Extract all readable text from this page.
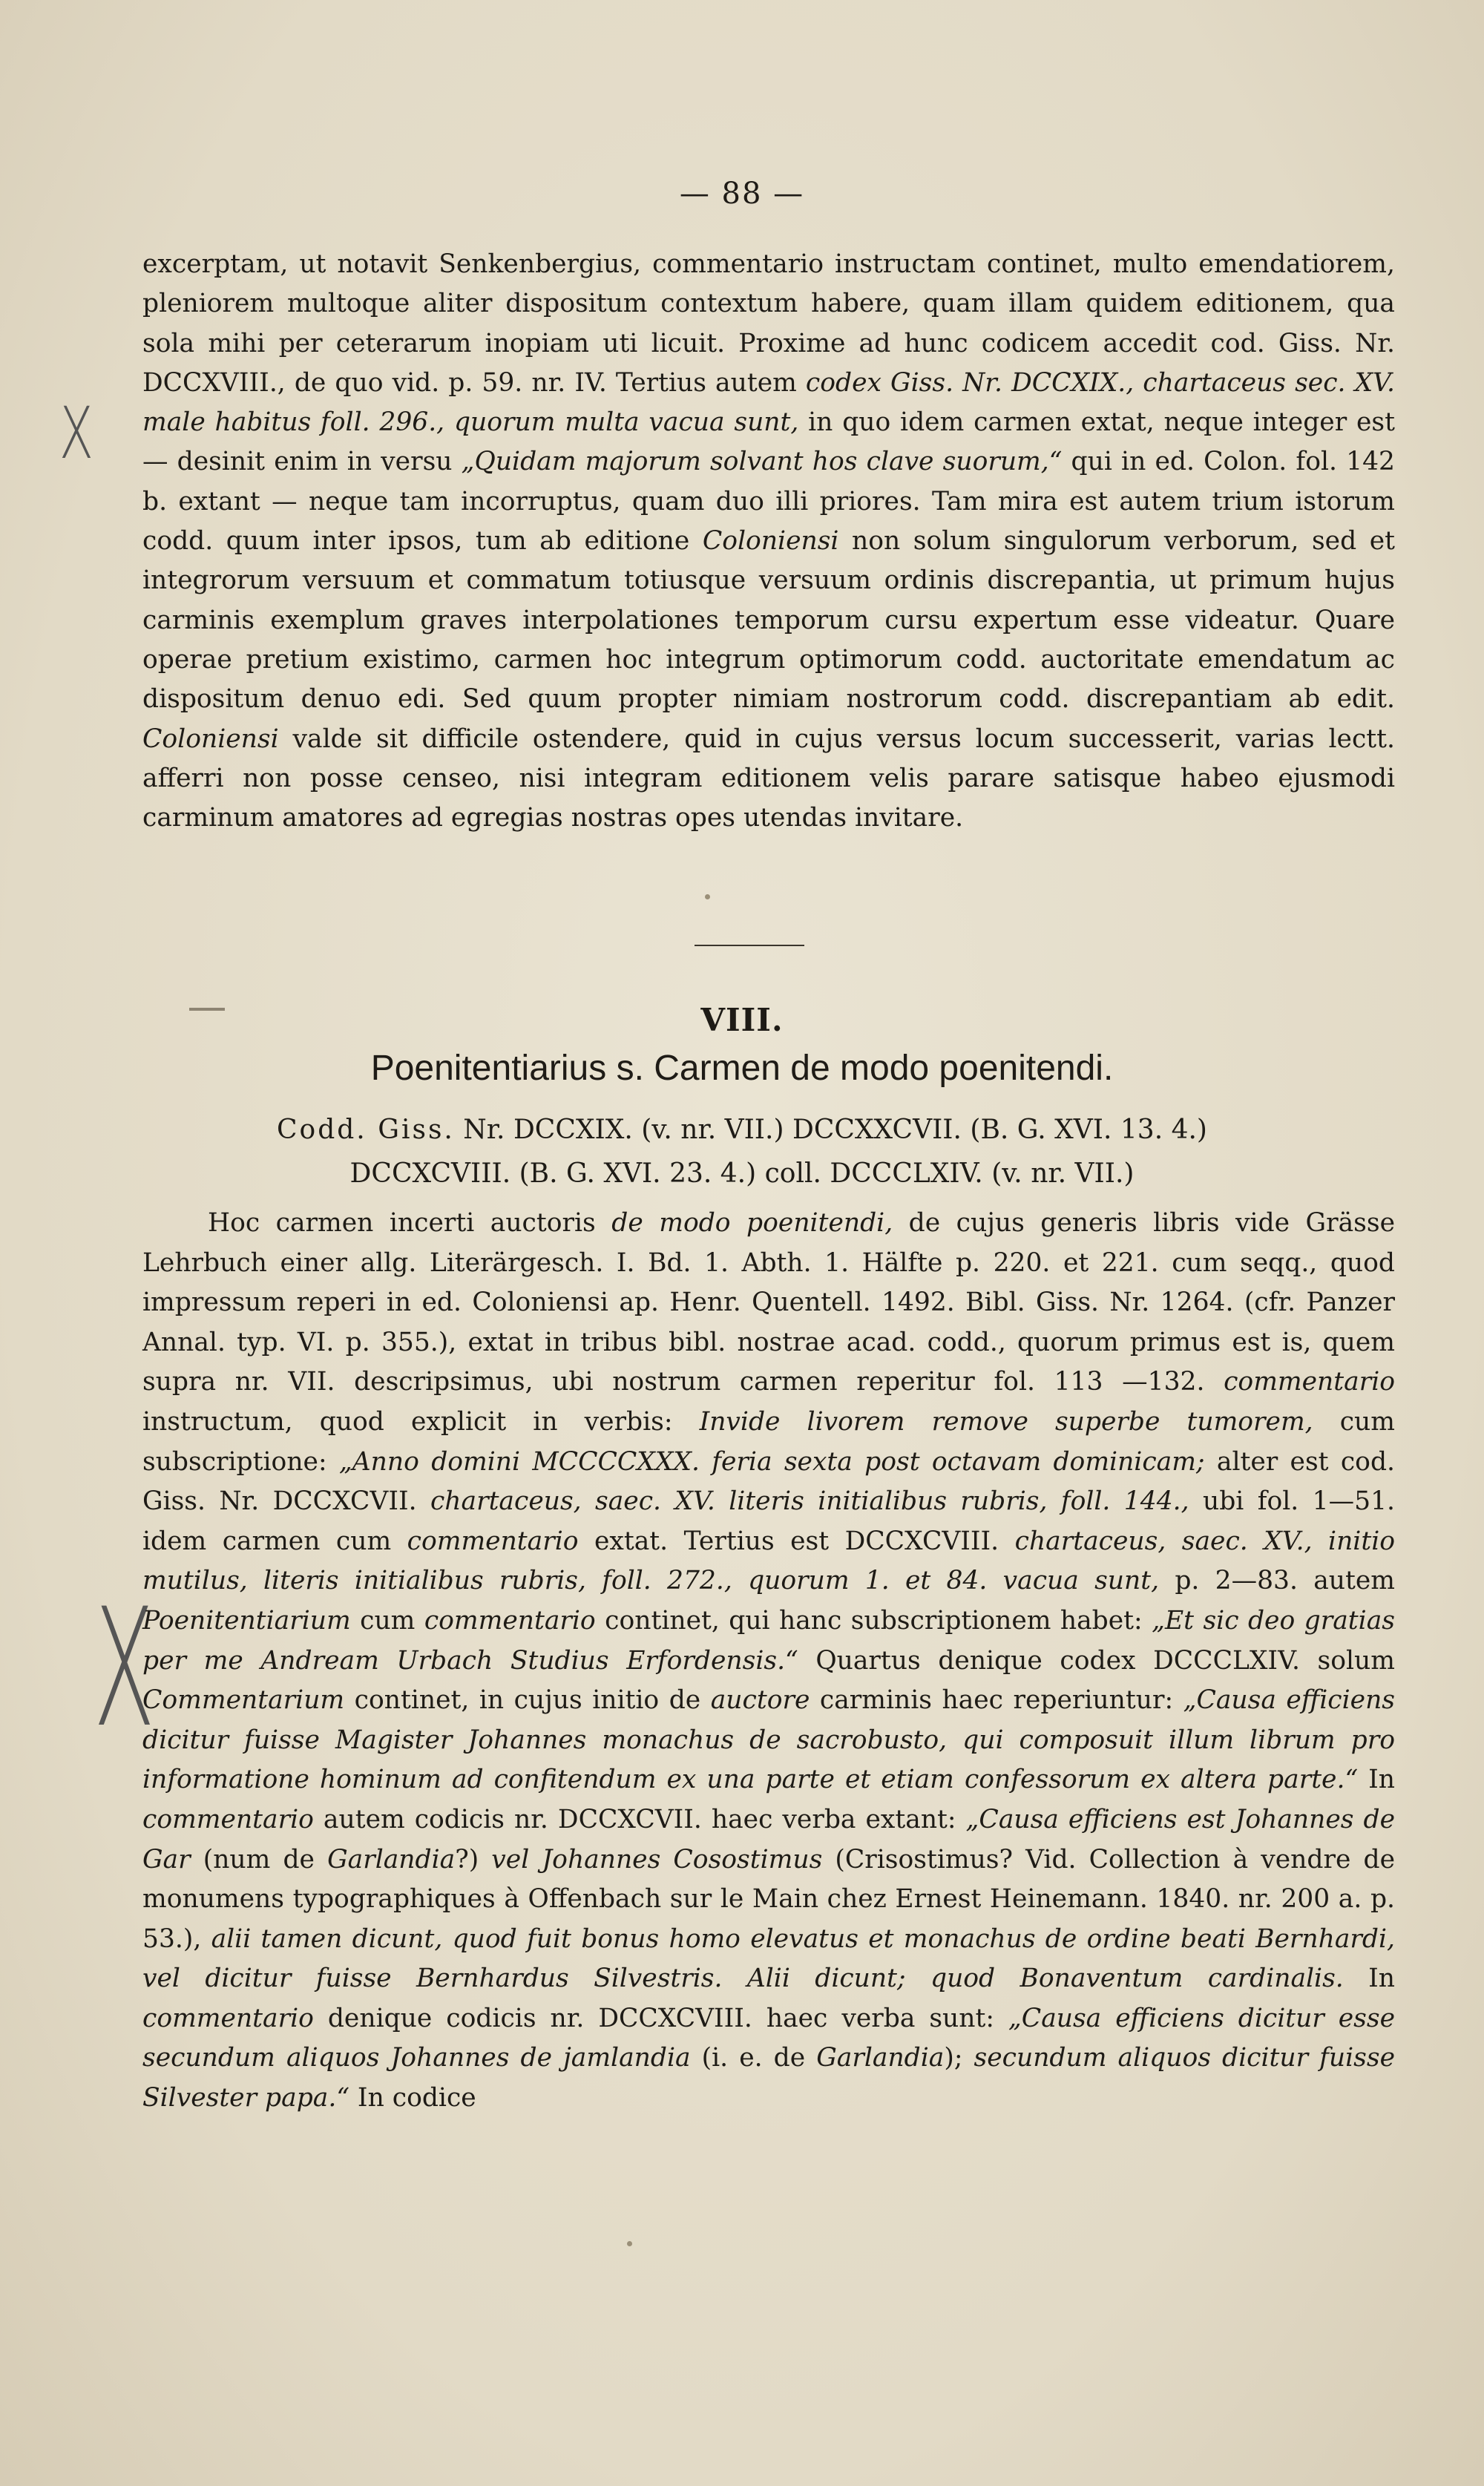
— 88 —
X
X

excerptam, ut notavit Senkenbergius, commentario instructam continet, multo emendatiorem, pleniorem multoque aliter dispositum contextum habere, quam illam quidem editionem, qua sola mihi per ceterarum inopiam uti licuit. Proxime ad hunc codicem accedit cod. Giss. Nr. DCCXVIII., de quo vid. p. 59. nr. IV. Tertius autem codex Giss. Nr. DCCXIX., chartaceus sec. XV. male habitus foll. 296., quorum multa vacua sunt, in quo idem carmen extat, neque integer est — desinit enim in versu „Quidam majorum solvant hos clave suorum,“ qui in ed. Colon. fol. 142 b. extant — neque tam incorruptus, quam duo illi priores. Tam mira est autem trium istorum codd. quum inter ipsos, tum ab editione Coloniensi non solum singulorum verborum, sed et integrorum versuum et commatum totiusque versuum ordinis discrepantia, ut primum hujus carminis exemplum graves interpolationes temporum cursu expertum esse videatur. Quare operae pretium existimo, carmen hoc integrum optimorum codd. auctoritate emendatum ac dispositum denuo edi. Sed quum propter nimiam nostrorum codd. discrepantiam ab edit. Coloniensi valde sit difficile ostendere, quid in cujus versus locum successerit, varias lectt. afferri non posse censeo, nisi integram editionem velis parare satisque habeo ejusmodi carminum amatores ad egregias nostras opes utendas invitare.

VIII.
Poenitentiarius s. Carmen de modo poenitendi.
Codd. Giss. Nr. DCCXIX. (v. nr. VII.) DCCXXCVII. (B. G. XVI. 13. 4.)
DCCXCVIII. (B. G. XVI. 23. 4.) coll. DCCCLXIV. (v. nr. VII.)

Hoc carmen incerti auctoris de modo poenitendi, de cujus generis libris vide Grässe Lehrbuch einer allg. Literärgesch. I. Bd. 1. Abth. 1. Hälfte p. 220. et 221. cum seqq., quod impressum reperi in ed. Coloniensi ap. Henr. Quentell. 1492. Bibl. Giss. Nr. 1264. (cfr. Panzer Annal. typ. VI. p. 355.), extat in tribus bibl. nostrae acad. codd., quorum primus est is, quem supra nr. VII. descripsimus, ubi nostrum carmen reperitur fol. 113 —132. commentario instructum, quod explicit in verbis: Invide livorem remove superbe tumorem, cum subscriptione: „Anno domini MCCCCXXX. feria sexta post octavam dominicam; alter est cod. Giss. Nr. DCCXCVII. chartaceus, saec. XV. literis initialibus rubris, foll. 144., ubi fol. 1—51. idem carmen cum commentario extat. Tertius est DCCXCVIII. chartaceus, saec. XV., initio mutilus, literis initialibus rubris, foll. 272., quorum 1. et 84. vacua sunt, p. 2—83. autem Poenitentiarium cum commentario continet, qui hanc subscriptionem habet: „Et sic deo gratias per me Andream Urbach Studius Erfordensis.“ Quartus denique codex DCCCLXIV. solum Commentarium continet, in cujus initio de auctore carminis haec reperiuntur: „Causa efficiens dicitur fuisse Magister Johannes monachus de sacrobusto, qui composuit illum librum pro informatione hominum ad confitendum ex una parte et etiam confessorum ex altera parte.“ In commentario autem codicis nr. DCCXCVII. haec verba extant: „Causa efficiens est Johannes de Gar (num de Garlandia?) vel Johannes Cosostimus (Crisostimus? Vid. Collection à vendre de monumens typographiques à Offenbach sur le Main chez Ernest Heinemann. 1840. nr. 200 a. p. 53.), alii tamen dicunt, quod fuit bonus homo elevatus et monachus de ordine beati Bernhardi, vel dicitur fuisse Bernhardus Silvestris. Alii dicunt; quod Bonaventum cardinalis. In commentario denique codicis nr. DCCXCVIII. haec verba sunt: „Causa efficiens dicitur esse secundum aliquos Johannes de jamlandia (i. e. de Garlandia); secundum aliquos dicitur fuisse Silvester papa.“ In codice
